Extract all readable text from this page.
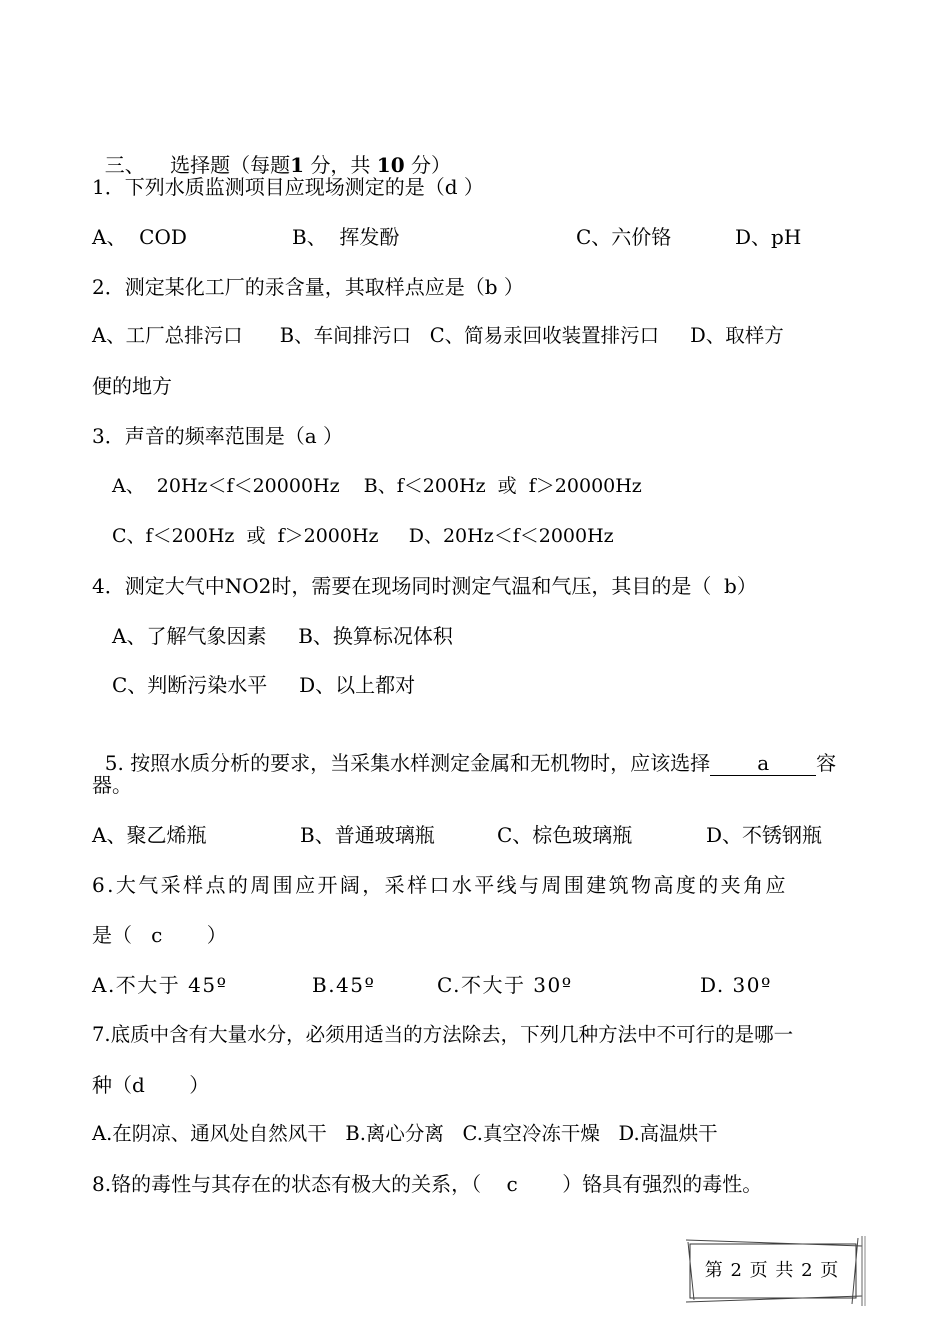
三、 选择题（每题1 分，共 10 分）

1．下列水质监测项目应现场测定的是（d ）
A、  COD	B、  挥发酚	C、六价铬	D、pH
2．测定某化工厂的汞含量，其取样点应是（b ）
A、工厂总排污口      B、车间排污口   C、简易汞回收装置排污口     D、取样方
便的地方
3．声音的频率范围是（a ）
A、  20Hz＜f＜20000Hz    B、f＜200Hz  或  f＞20000Hz
C、f＜200Hz  或  f＞2000Hz     D、20Hz＜f＜2000Hz
4．测定大气中NO2时，需要在现场同时测定气温和气压，其目的是（  b）
A、了解气象因素     B、换算标况体积
C、判断污染水平     D、以上都对

5. 按照水质分析的要求，当采集水样测定金属和无机物时，应该选择 a 容

器。
A、聚乙烯瓶	B、普通玻璃瓶	C、棕色玻璃瓶	D、不锈钢瓶
6.大气采样点的周围应开阔，采样口水平线与周围建筑物高度的夹角应
是（   c       ）
A.不大于 45º	B.45º	C.不大于 30º	D. 30º
7.底质中含有大量水分，必须用适当的方法除去，下列几种方法中不可行的是哪一
种（d       ）
A.在阴凉、通风处自然风干   B.离心分离   C.真空冷冻干燥   D.高温烘干
8.铬的毒性与其存在的状态有极大的关系，（    c       ）铬具有强烈的毒性。
第 2 页 共 2 页
